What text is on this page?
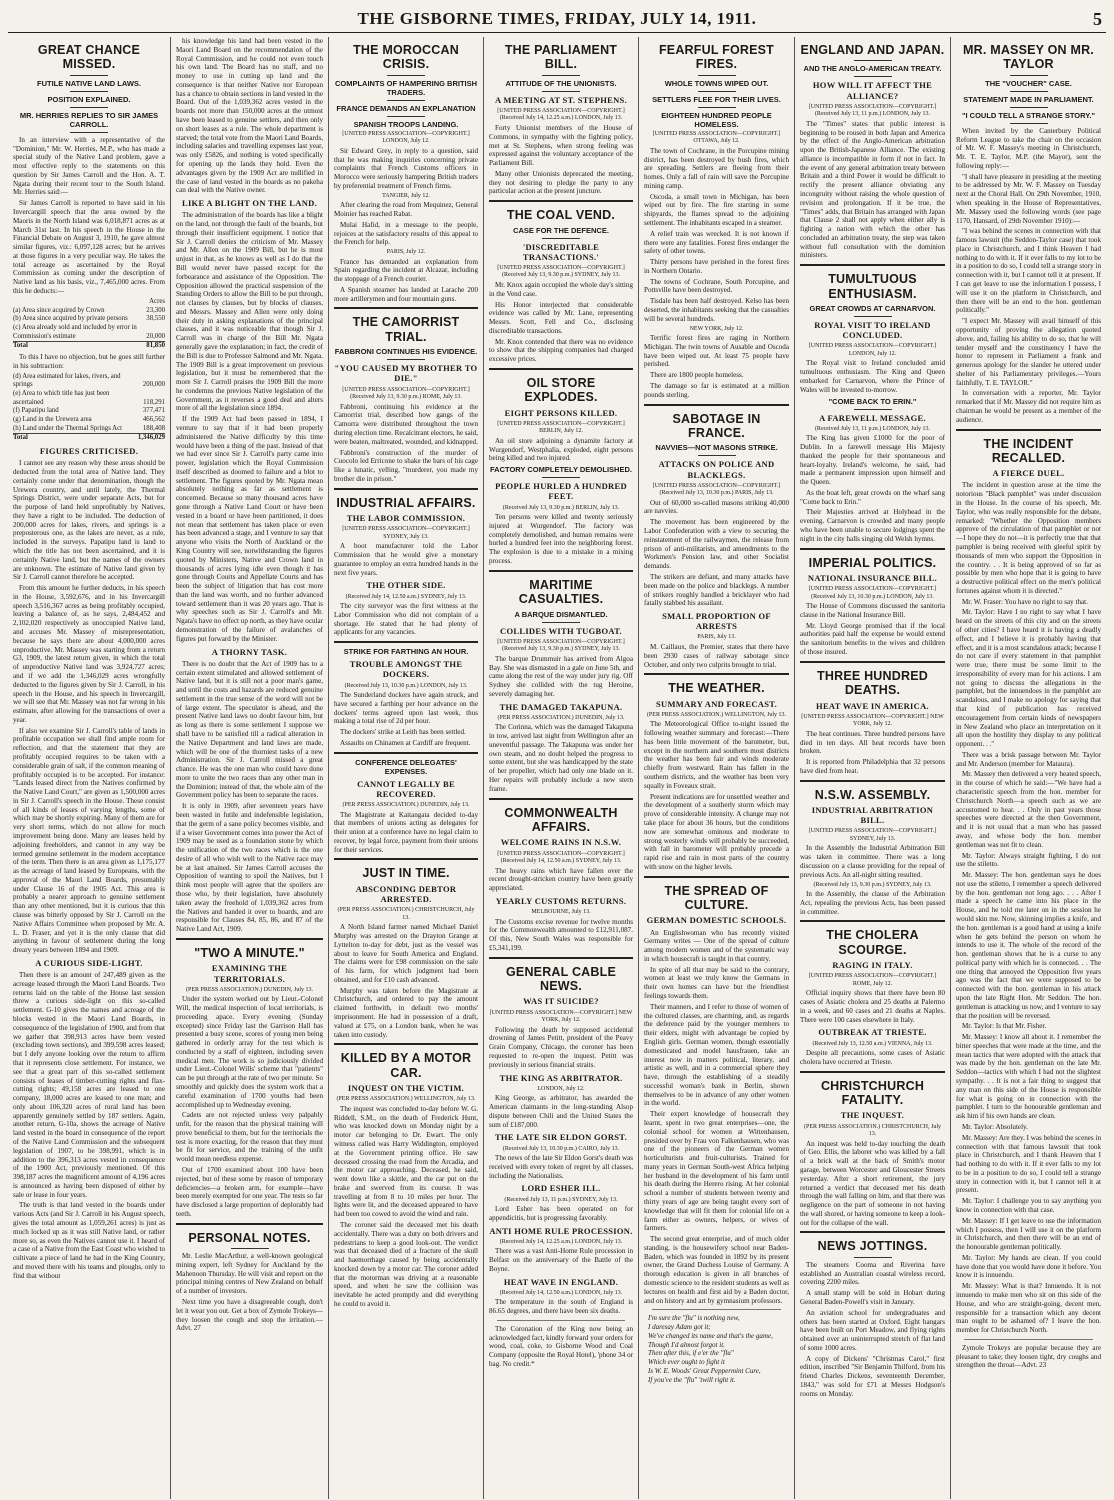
THE GISBORNE TIMES, FRIDAY, JULY 14, 1911.	5
GREAT CHANCE MISSED.
FUTILE NATIVE LAND LAWS.
POSITION EXPLAINED.
MR. HERRIES REPLIES TO SIR JAMES CARROLL.

In an interview with a representative of the "Dominion," Mr. W. Herries, M.P., who has made a special study of the Native Land problem, gave a most effective reply to the statements on this question by Sir James Carroll and the Hon. A. T. Ngata during their recent tour to the South Island. Mr. Herries said:—

Sir James Carroll is reported to have said in his Invercargill speech that the area owned by the Maoris in the North Island was 6,018,871 acres as at March 31st last. In his speech in the House in the Financial Debate on August 3, 1910, he gave almost similar figures, viz.: 6,097,128 acres; but he arrives at those figures in a very peculiar way. He takes the total acreage as ascertained by the Royal Commission as coming under the description of Native land as his basis, viz., 7,465,000 acres. From this he deducts:—

	Acres
(a) Area since acquired by Crown	23,300
(b) Area since acquired by private persons	38,550
(c) Area already sold and included by error in Commission's estimate	20,000
Total	81,850

To this I have no objection, but he goes still further in his subtraction:

(d) Area estimated for lakes, rivers, and springs	200,000
(e) Area to which title has just been ascertained	118,291
(f) Papatipu land	377,471
(g) Land in the Urewera area	466,562
(h) Land under the Thermal Springs Act	188,408
Total	1,346,029
FIGURES CRITICISED.

I cannot see any reason why these areas should be deducted from the total area of Native land. They certainly come under that denomination, though the Urewera country, and until lately, the Thermal Springs District, were under separate Acts, but for the purpose of land held unprofitably by Natives, they have a right to be included. The deduction of 200,000 acres for lakes, rivers, and springs is a preposterous one, as the lakes are never, as a rule, included in the surveys. Papatipu land is land to which the title has not been ascertained, and it is certainly Native land, but the names of the owners are unknown. The estimate of Native land given by Sir J. Carroll cannot therefore be accepted.

From this amount he further deducts, in his speech in the House, 3,592,676, and in his Invercargill speech 3,516,367 acres as being profitably occupied, leaving a balance of, as he says, 2,484,452 and 2,102,020 respectively as unoccupied Native land, and accuses Mr. Massey of misrepresentation, because he says there are about 4,000,000 acres unproductive. Mr. Massey was starting from a return G3, 1909, the latest return given, in which the total of unproductive Native land was 3,924,727 acres; and if we add the 1,346,029 acres wrongfully deducted to the figures given by Sir J. Carroll, in his speech in the House, and his speech in Invercargill, we will see that Mr. Massey was not far wrong in his estimate, after allowing for the transactions of over a year.

If also we examine Sir J. Carroll's table of lands in profitable occupation we shall find ample room for reflection, and that the statement that they are profitably occupied requires to be taken with a considerable grain of salt, if the common meaning of profitably occupied is to be accepted. For instance: "Lands leased direct from the Natives confirmed by the Native Land Court," are given as 1,500,000 acres in Sir J. Carroll's speech in the House. These consist of all kinds of leases of varying lengths, some of which may be shortly expiring. Many of them are for very short terms, which do not allow for much improvement being done. Many are leases held by adjoining freeholders, and cannot in any way be termed genuine settlement in the modern acceptance of the term. Then there is an area given as 1,175,177 as the acreage of land leased by Europeans, with the approval of the Maori Land Boards, presumably under Clause 16 of the 1905 Act. This area is probably a nearer approach to genuine settlement than any other mentioned, but it is curious that this clause was bitterly opposed by Sir J. Carroll on the Native Affairs Committee when proposed by Mr. A. L. D. Fraser, and yet it is the only clause that did anything in favour of settlement during the long dreary years between 1894 and 1909.

A CURIOUS SIDE-LIGHT.

Then there is an amount of 247,489 given as the acreage leased through the Maori Land Boards. Two returns laid on the table of the House last session threw a curious side-light on this so-called settlement. G-10 gives the names and acreage of the blocks vested in the Maori Land Boards, in consequence of the legislation of 1900, and from that we gather that 398,913 acres have been vested (excluding town sections), and 399,598 acres leased; but I defy anyone looking over the return to affirm that it represents close settlement. For instance, we see that a great part of this so-called settlement consists of leases of timber-cutting rights and flax-cutting rights; 49,158 acres are leased to one company, 18,000 acres are leased to one man; and only about 106,320 acres of rural land has been apparently genuinely settled by 187 settlers. Again, another return, G-10a, shows the acreage of Native land vested in the board in consequence of the report of the Native Land Commission and the subsequent legislation of 1907, to be 398,991, which is in addition to the 396,313 acres vested in consequence of the 1900 Act, previously mentioned. Of this 398,187 acres the magnificent amount of 4,196 acres is announced as having been disposed of either by sale or lease in four years.

The truth is that land vested in the boards under various Acts (and Sir J. Carroll in his August speech, gives the total amount as 1,059,261 acres) is just as much locked up as it was still Native land, or rather more so, as even the Natives cannot use it. I heard of a case of a Native from the East Coast who wished to cultivate a piece of land he had in the King Country, and moved there with his teams and ploughs, only to find that without

his knowledge his land had been vested in the Maori Land Board on the recommendation of the Royal Commission, and he could not even touch his own land. The Board has no staff, and no money to use in cutting up land and the consequence is that neither Native nor European has a chance to obtain sections in land vested in the Board. Out of the 1,039,362 acres vested in the boards not more than 150,000 acres at the utmost have been leased to genuine settlers, and then only on short leases as a rule. The whole department is starved; the total vote from the Maori Land Boards, including salaries and travelling expenses last year, was only £5826, and nothing is voted specifically for opening up the lands they hold. Even the advantages given by the 1909 Act are nullified in the case of land vested in the boards as no pakeha can deal with the Native owner.

LIKE A BLIGHT ON THE LAND.

The administration of the boards has like a blight on the land, not through the fault of the boards, but through their insufficient equipment. I notice that Sir J. Carroll denies the criticism of Mr. Massey and Mr. Allen on the 1909 Bill, but he is most unjust in that, as he knows as well as I do that the Bill would never have passed except for the forbearance and assistance of the Opposition. The Opposition allowed the practical suspension of the Standing Orders to allow the Bill to be put through, not clauses by clauses, but by blocks of clauses, and Messrs. Massey and Allen were only doing their duty in asking explanations of the principal clauses, and it was noticeable that though Sir J. Carroll was in charge of the Bill Mr. Ngata generally gave the explanation; in fact, the credit of the Bill is due to Professor Salmond and Mr. Ngata. The 1909 Bill is a great improvement on previous legislation, but it must be remembered that the more Sir J. Carroll praises the 1909 Bill the more he condemns the previous Native legislation of the Government, as it reverses a good deal and alters more of all the legislation since 1894.

If the 1909 Act had been passed in 1894, I venture to say that if it had been properly administered the Native difficulty by this time would have been a thing of the past. Instead of that we had ever since Sir J. Carroll's party came into power, legislation which the Royal Commission itself described as doomed to failure and a blot to settlement. The figures quoted by Mr. Ngata mean absolutely nothing as far as settlement is concerned. Because so many thousand acres have gone through a Native Land Court or have been vested in a board or have been partitioned, it does not mean that settlement has taken place or even has been advanced a stage, and I venture to say that anyone who visits the North of Auckland or the King Country will see, notwithstanding the figures quoted by Ministers, Native and Crown land in thousands of acres lying idle even though it has gone through Courts and Appellate Courts and has been the subject of litigation that has cost more than the land was worth, and no further advanced toward settlement than it was 20 years ago. That is why speeches such as Sir J. Carroll's and Mr. Ngata's have no effect up north, as they have ocular demonstration of the failure of avalanches of figures put forward by the Minister.

A THORNY TASK.

There is no doubt that the Act of 1909 has to a certain extent stimulated and allowed settlement of Native land, but it is still not a poor man's game, and until the costs and hazards are reduced genuine settlement in the true sense of the word will not be of large extent. The speculator is ahead, and the present Native land laws no doubt favour him, but as long as there is some settlement I suppose we shall have to be satisfied till a radical alteration in the Native Department and land laws are made, which will be one of the thorniest tasks of a new Administration. Sir J. Carroll missed a great chance. He was the one man who could have done more to unite the two races than any other man in the Dominion; instead of that, the whole aim of the Government policy has been to separate the races.

It is only in 1909, after seventeen years have been wasted in futile and indefensible legislation, that the germ of a sane policy becomes visible, and if a wiser Government comes into power the Act of 1909 may be used as a foundation stone by which the unification of the two races which is the one desire of all who wish well to the Native race may be at last attained. Sir James Carroll accuses the Opposition of wanting to spoil the Natives, but I think most people will agree that the spoilers are those who, by their legislation, have absolutely taken away the freehold of 1,039,362 acres from the Natives and handed it over to boards, and are responsible for Clauses 84, 85, 86, and 87 of the Native Land Act, 1909.

"TWO A MINUTE."
EXAMINING THE TERRITORIALS.
(PER PRESS ASSOCIATION.) DUNEDIN, July 13.

Under the system worked out by Lieut.-Colonel Will, the medical inspection of local territorials, is proceeding apace. Every evening (Sunday excepted) since Friday last the Garrison Hall has presented a busy scene, scores of young men being gathered in orderly array for the test which is conducted by a staff of eighteen, including seven medical men. The work is so judiciously divided under Lieut.-Colonel Wills' scheme that "patients" can be put through at the rate of two per minute. So smoothly and quickly does the system work that a careful examination of 1700 youths had been accomplished up to Wednesday evening.

Cadets are not rejected unless very palpably unfit, for the reason that the physical training will prove beneficial to them, but for the territorials the test is more exacting, for the reason that they must be fit for service, and the training of the unfit would mean needless expense.

Out of 1700 examined about 100 have been rejected, but of these some by reason of temporary deficiencies—a broken arm, for example—have been merely exempted for one year. The tests so far have disclosed a large proportion of deplorably bad teeth.

PERSONAL NOTES.

Mr. Leslie MacArthur, a well-known geological mining expert, left Sydney for Auckland by the Mahenoon Thursday. He will visit and report on the principal mining centres of New Zealand on behalf of a number of investors.

Next time you have a disagreeable cough, don't let it wear you out. Get a box of Zymole Trokeys—they loosen the cough and stop the irritation.—Advt. 27

THE MOROCCAN CRISIS.
COMPLAINTS OF HAMPERING BRITISH TRADERS.
FRANCE DEMANDS AN EXPLANATION
SPANISH TROOPS LANDING.
[UNITED PRESS ASSOCIATION—COPYRIGHT.] LONDON, July 12.

Sir Edward Grey, in reply to a question, said that he was making inquiries concerning private complaints that French Customs officers in Morocco were seriously hampering British traders by preferential treatment of French firms.

TANGIER, July 12.

After clearing the road from Mequinez, General Moinier has reached Rabat.

Mulai Hafid, in a message to the people, rejoices at the satisfactory results of this appeal to the French for help.

PARIS, July 12.

France has demanded an explanation from Spain regarding the incident at Alcazar, including the stoppage of a French courier.

A Spanish steamer has landed at Larache 200 more artillerymen and four mountain guns.

THE CAMORRIST TRIAL.
FABBRONI CONTINUES HIS EVIDENCE.
"YOU CAUSED MY BROTHER TO DIE."
[UNITED PRESS ASSOCIATION—COPYRIGHT.] (Received July 13, 9.30 p.m.) ROME, July 13.

Fabbroni, continuing his evidence at the Camorrist trial, described how gangs of the Camorra were distributed throughout the town during election time. Recalcitrant electors, he said, were beaten, maltreated, wounded, and kidnapped.

Fabbroni's construction of the murder of Cuocolo led Erricone to shake the bars of his cage like a lunatic, yelling, "murderer, you made my brother die in prison."

INDUSTRIAL AFFAIRS.
THE LABOR COMMISSION.
[UNITED PRESS ASSOCIATION—COPYRIGHT.] SYDNEY, July 13.

A boot manufacturer told the Labor Commission that he would give a monetary guarantee to employ an extra hundred hands in the next five years.

THE OTHER SIDE.
(Received July 14, 12.50 a.m.) SYDNEY, July 13.

The city surveyor was the first witness at the Labor Commission who did not complain of a shortage. He stated that he had plenty of applicants for any vacancies.

STRIKE FOR FARTHING AN HOUR.
TROUBLE AMONGST THE DOCKERS.
(Received July 13, 10.30 p.m.) LONDON, July 13.

The Sunderland dockers have again struck, and have secured a farthing per hour advance on the dockers' terms agreed upon last week, thus making a total rise of 2d per hour.

The dockers' strike at Leith has been settled.

Assaults on Chinamen at Cardiff are frequent.

CONFERENCE DELEGATES' EXPENSES.
CANNOT LEGALLY BE RECOVERED.
(PER PRESS ASSOCIATION.) DUNEDIN, July 13.

The Magistrate at Kaitangata decided to-day that members of unions acting as delegates for their union at a conference have no legal claim to recover, by legal force, payment from their unions for their services.

JUST IN TIME.
ABSCONDING DEBTOR ARRESTED.
(PER PRESS ASSOCIATION.) CHRISTCHURCH, July 13.

A North Island farmer named Michael Daniel Murphy was arrested on the Drayton Grange at Lyttelton to-day for debt, just as the vessel was about to leave for South America and England. The claims were for £98 commission on the sale of his farm, for which judgment had been obtained, and for £10 cash advanced.

Murphy was taken before the Magistrate at Christchurch, and ordered to pay the amount claimed forthwith, in default two months' imprisonment. He had in possession of a draft, valued at £75, on a London bank, when he was taken into custody.

KILLED BY A MOTOR CAR.
INQUEST ON THE VICTIM.
(PER PRESS ASSOCIATION.) WELLINGTON, July 13.

The inquest was concluded to-day before W. G. Riddell, S.M., on the death of Frederick Hunt, who was knocked down on Monday night by a motor car belonging to Dr. Ewart. The only witness called was Harry Widdington, employed at the Government printing office. He saw deceased crossing the road from the Arcadia, and the motor car approaching. Deceased, he said, went down like a skittle, and the car put on the brake and swerved from its course. It was travelling at from 8 to 10 miles per hour. The lights were lit, and the deceased appeared to have had been too cowed to avoid the wind and rain.

The coroner said the deceased met his death accidentally. There was a duty on both drivers and pedestrians to keep a good look-out. The verdict was that deceased died of a fracture of the skull and haemorrhage caused by being accidentally knocked down by a motor car. The coroner added that the motorman was driving at a reasonable speed, and when he saw the collision was inevitable he acted promptly and did everything he could to avoid it.

THE PARLIAMENT BILL.
ATTITUDE OF THE UNIONISTS.
A MEETING AT ST. STEPHENS.
[UNITED PRESS ASSOCIATION—COPYRIGHT.] (Received July 14, 12.25 a.m.) LONDON, July 13.

Forty Unionist members of the House of Commons, in sympathy with the fighting policy, met at St. Stephens, when strong feeling was expressed against the voluntary acceptance of the Parliament Bill.

Many other Unionists deprecated the meeting, they not desiring to pledge the party to any particular action at the present juncture.

THE COAL VEND.
CASE FOR THE DEFENCE.
'DISCREDITABLE TRANSACTIONS.'
[UNITED PRESS ASSOCIATION—COPYRIGHT.] (Received July 13, 9.30 p.m.) SYDNEY, July 13.

Mr. Knox again occupied the whole day's sitting in the Vend case.

His Honor interjected that considerable evidence was called by Mr. Lane, representing Messrs. Scott, Fell and Co., disclosing discreditable transactions.

Mr. Knox contended that there was no evidence to show that the shipping companies had charged excessive prices.

OIL STORE EXPLODES.
EIGHT PERSONS KILLED.
[UNITED PRESS ASSOCIATION—COPYRIGHT.] BERLIN, July 12.

An oil store adjoining a dynamite factory at Wurgendorf, Westphalia, exploded, eight persons being killed and two injured.

FACTORY COMPLETELY DEMOLISHED.
PEOPLE HURLED A HUNDRED FEET.
(Received July 13, 9.30 p.m.) BERLIN, July 13.

Ten persons were killed and twenty seriously injured at Wurgendorf. The factory was completely demolished, and human remains were hurled a hundred feet into the neighboring forest. The explosion is due to a mistake in a mixing process.

MARITIME CASUALTIES.
A BARQUE DISMANTLED.
COLLIDES WITH TUGBOAT.
[UNITED PRESS ASSOCIATION—COPYRIGHT.] (Received July 13, 9.30 p.m.) SYDNEY, July 13.

The barque Drummuir has arrived from Algoa Bay. She was dismasted in a gale on June 5th, and came along the rest of the way under jury rig. Off Sydney she collided with the tug Heroine, severely damaging her.

THE DAMAGED TAKAPUNA.
(PER PRESS ASSOCIATION.) DUNEDIN, July 13.

The Corinna, which was the damaged Takapuna in tow, arrived last night from Wellington after an uneventful passage. The Takapuna was under her own steam, and no doubt helped the progress to some extent, but she was handicapped by the state of her propeller, which had only one blade on it. Her repairs will probably include a new stern frame.

COMMONWEALTH AFFAIRS.
WELCOME RAINS IN N.S.W.
[UNITED PRESS ASSOCIATION—COPYRIGHT.] (Received July 14, 12.50 a.m.) SYDNEY, July 13.

The heavy rains which have fallen over the recent drought-stricken country have been greatly appreciated.

YEARLY CUSTOMS RETURNS.
MELBOURNE, July 13.

The Customs excise revenue for twelve months for the Commonwealth amounted to £12,911,087. Of this, New South Wales was responsible for £5,341,199.

GENERAL CABLE NEWS.
WAS IT SUICIDE?
[UNITED PRESS ASSOCIATION—COPYRIGHT.] NEW YORK, July 12.

Following the death by supposed accidental drowning of James Petitt, president of the Peavy Grain Company, Chicago, the coroner has been requested to re-open the inquest. Petitt was previously in serious financial straits.

THE KING AS ARBITRATOR.
LONDON, July 12.

King George, as arbitrator, has awarded the American claimants in the long-standing Alsop dispute between Chili and the United States the sum of £187,000.

THE LATE SIR ELDON GORST.
(Received July 13, 10.30 p.m.) CAIRO, July 13.

The news of the late Sir Eldon Gorst's death was received with every token of regret by all classes, including the Nationalists.

LORD ESHER ILL.
(Received July 13, 11 p.m.) SYDNEY, July 13.

Lord Esher has been operated on for appendicitis, but is progressing favorably.

ANTI HOME RULE PROCESSION.
(Received July 14, 12.25 a.m.) LONDON, July 13.

There was a vast Anti-Home Rule procession in Belfast on the anniversary of the Battle of the Boyne.

HEAT WAVE IN ENGLAND.
(Received July 14, 12.50 a.m.) LONDON, July 13.

The temperature in the south of England is 86.65 degrees, and there have been six deaths.

The Coronation of the King now being an acknowledged fact, kindly forward your orders for wood, coal, coke, to Gisborne Wood and Coal Company (opposite the Royal Hotel), 'phone 34 or bag. No credit.*

FEARFUL FOREST FIRES.
WHOLE TOWNS WIPED OUT.
SETTLERS FLEE FOR THEIR LIVES.
EIGHTEEN HUNDRED PEOPLE HOMELESS.
[UNITED PRESS ASSOCIATION—COPYRIGHT.] OTTAWA, July 12.

The town of Cochrane, in the Porcupine mining district, has been destroyed by bush fires, which are spreading. Settlers are fleeing from their homes. Only a fall of rain will save the Porcupine mining camp.

Oscoda, a small town in Michigan, has been wiped out by fire. The fire starting in some shipyards, the flames spread to the adjoining settlement. The inhabitants escaped in a steamer.

A relief train was wrecked. It is not known if there were any fatalities. Forest fires endanger the safety of other towns.

Thirty persons have perished in the forest fires in Northern Ontario.

The towns of Cochrane, South Porcupine, and Pottsville have been destroyed.

Tisdale has been half destroyed. Kelso has been deserted, the inhabitants seeking that the casualties will be several hundreds.

NEW YORK, July 12.

Terrific forest fires are raging in Northern Michigan. The twin towns of Ausable and Oscoda have been wiped out. At least 75 people have perished.

There are 1800 people homeless.

The damage so far is estimated at a million pounds sterling.

SABOTAGE IN FRANCE.
NAVVIES—NOT MASONS STRIKE.
ATTACKS ON POLICE AND BLACKLEGS.
[UNITED PRESS ASSOCIATION—COPYRIGHT.] (Received July 13, 10.30 p.m.) PARIS, July 13.

Out of 60,000 so-called masons striking 40,000 are navvies.

The movement has been engineered by the Labor Confederation with a view to securing the reinstatement of the railwaymen, the release from prison of anti-militarists, and amendments to the Workmen's Pension law, and other Socialist demands.

The strikers are defiant, and many attacks have been made on the police and blacklegs. A number of strikers roughly handled a bricklayer who had fatally stabbed his assailant.

SMALL PROPORTION OF ARRESTS
PARIS, July 13.

M. Caillaux, the Premier, states that there have been 2930 cases of railway sabotage since October, and only two culprits brought to trial.

THE WEATHER.
SUMMARY AND FORECAST.
(PER PRESS ASSOCIATION.) WELLINGTON, July 13.

The Meteorological Office to-night issued the following weather summary and forecast:—There has been little movement of the barometer, but, except in the northern and southern most districts the weather has been fair and winds moderate chiefly from westward. Rain has fallen in the southern districts, and the weather has been very squally in Foveaux strait.

Present indications are for unsettled weather and the development of a southerly storm which may prove of considerable intensity. A change may not take place for about 36 hours, but the conditions now are somewhat ominous and moderate to strong westerly winds will probably be succeeded, with fall in barometer will probably precede a rapid rise and rain in most parts of the country with snow on the higher levels.

THE SPREAD OF CULTURE.
GERMAN DOMESTIC SCHOOLS.

An Englishwoman who has recently visited Germany writes — One of the spread of culture among modern women and of the systematic way in which housecraft is taught in that country.

In spite of all that may be said to the contrary, women at least we truly know the Germans in their own homes can have but the friendliest feelings towards them.

Their manners, and I refer to those of women of the cultured classes, are charming, and, as regards the deference paid by the younger members to their elders, might with advantage be copied by English girls. German women, though essentially domesticated and model hausfrauen, take an interest now in matters political, literary, and artistic as well, and in a commercial sphere they have, through the establishing of a steadily successful woman's bank in Berlin, shown themselves to be in advance of any other women in the world.

Their expert knowledge of housecraft they learnt, spent in two great enterprises—one, the colonial school for women at Wittenhausen, presided over by Frau von Falkenhausen, who was one of the pioneers of the German women horticulturists and fruit-culturists. Trained for many years in German South-west Africa helping her husband in the development of his farm until his death during the Herero rising. At her colonial school a number of students between twenty and thirty years of age are being taught every sort of knowledge that will fit them for colonial life on a farm either as owners, helpers, or wives of farmers.

The second great enterprise, and of much older standing, is the housewifery school near Baden-Baden, which was founded in 1892 by its present owner, the Grand Duchess Louise of Germany. A thorough education is given in all branches of domestic science to the resident students as well as lectures on health and first aid by a Baden doctor, and on history and art by gymnasium professors.

I'm sure the "flu" is nothing new,
I daresay Adam got it;
We've changed its name and that's the game,
Though I'd almost forgot it.
Then after this, if e'er the "flu"
Which ever ought to fight it
Is W. E. Woods' Great Peppermint Cure,
If you've the "flu" 'twill right it.
ENGLAND AND JAPAN.
AND THE ANGLO-AMERICAN TREATY.
HOW WILL IT AFFECT THE ALLIANCE?
[UNITED PRESS ASSOCIATION—COPYRIGHT.] (Received July 13, 11 p.m.) LONDON, July 13.

The "Times" states that public interest is beginning to be roused in both Japan and America by the effect of the Anglo-American arbitration upon the British-Japanese Alliance. The existing alliance is incompatible in form if not in fact. In the event of any general arbitration treaty between Britain and a third Power it would be difficult to rectify the present alliance obviating any incongruity without raising the whole question of revision and prolongation. If it be true, the "Times" adds, that Britain has arranged with Japan that Clause 2 shall not apply when either ally is fighting a nation with which the other has concluded an arbitration treaty, the step was taken without full consultation with the dominion ministers.

TUMULTUOUS ENTHUSIASM.
GREAT CROWDS AT CARNARVON.
ROYAL VISIT TO IRELAND CONCLUDED.
[UNITED PRESS ASSOCIATION—COPYRIGHT.] LONDON, July 12.

The Royal visit to Ireland concluded amid tumultuous enthusiasm. The King and Queen embarked for Carnarvon, where the Prince of Wales will be invested to-morrow.

"COME BACK TO ERIN."
A FAREWELL MESSAGE.
(Received July 13, 11 p.m.) LONDON, July 13.

The King has given £1000 for the poor of Dublin. In a farewell message His Majesty thanked the people for their spontaneous and heart-loyalty. Ireland's welcome, he said, had made a permanent impression upon himself and the Queen.

As the boat left, great crowds on the wharf sang "Come back to Erin."

Their Majesties arrived at Holyhead in the evening. Carnarvon is crowded and many people who have been unable to secure lodgings spent the night in the city halls singing old Welsh hymns.

IMPERIAL POLITICS.
NATIONAL INSURANCE BILL.
[UNITED PRESS ASSOCIATION—COPYRIGHT.] (Received July 13, 10.30 p.m.) LONDON, July 13.

The House of Commons discussed the sanitoria clause in the National Insurance Bill.

Mr. Lloyd George promised that if the local authorities paid half the expense he would extend the sanitorium benefits to the wives and children of those insured.

THREE HUNDRED DEATHS.
HEAT WAVE IN AMERICA.
[UNITED PRESS ASSOCIATION—COPYRIGHT.] NEW YORK, July 12.

The heat continues. Three hundred persons have died in ten days. All heat records have been broken.

It is reported from Philadelphia that 32 persons have died from heat.

N.S.W. ASSEMBLY.
INDUSTRIAL ARBITRATION BILL.
[UNITED PRESS ASSOCIATION—COPYRIGHT.] SYDNEY, July 13.

In the Assembly the Industrial Arbitration Bill was taken in committee. There was a long discussion on a clause providing for the repeal of previous Acts. An all-night sitting resulted.

(Received July 13, 9.30 p.m.) SYDNEY, July 13.

In the Assembly, the clause of the Arbitration Act, repealing the previous Acts, has been passed in committee.

THE CHOLERA SCOURGE.
RAGING IN ITALY.
[UNITED PRESS ASSOCIATION—COPYRIGHT.] ROME, July 12.

Official inquiry shows that there have been 80 cases of Asiatic cholera and 25 deaths at Palermo in a week, and 60 cases and 21 deaths at Naples. There were 100 cases elsewhere in Italy.

OUTBREAK AT TRIESTE.
(Received July 13, 12.50 a.m.) VIENNA, July 13.

Despite all precautions, some cases of Asiatic cholera have occurred at Trieste.

CHRISTCHURCH FATALITY.
THE INQUEST.
(PER PRESS ASSOCIATION.) CHRISTCHURCH, July 13.

An inquest was held to-day touching the death of Geo. Ellis, the laborer who was killed by a fall of a brick wall at the back of Smith's motor garage, between Worcester and Gloucester Streets yesterday. After a short retirement, the jury returned a verdict that deceased met his death through the wall falling on him, and that there was negligence on the part of someone in not having the wall shored, or having someone to keep a look-out for the collapse of the wall.

NEWS JOTTINGS.

The steamers Cooma and Riverina have established an Australian coastal wireless record, covering 2200 miles.

A small stamp will be sold in Hobart during General Baden-Powell's visit in January.

An aviation school for undergraduates and others has been started at Oxford. Eight hangars have been built on Port Meadow, and flying rights obtained over an uninterrupted stretch of flat land of some 1000 acres.

A copy of Dickens' "Christmas Carol," first edition, inscribed "Sir Benjamin Thilford, from his friend Charles Dickens, seventeenth December, 1843," was sold for £71 at Messrs Hodgson's rooms on Monday.

MR. MASSEY ON MR. TAYLOR
THE "VOUCHER" CASE.
STATEMENT MADE IN PARLIAMENT.
"I COULD TELL A STRANGE STORY."

When invited by the Canterbury Political Reform League to take the chair on the occasion of Mr. W. F. Massey's meeting in Christchurch, Mr. T. E. Taylor, M.P. (the Mayor), sent the following reply:—

"I shall have pleasure in presiding at the meeting to be addressed by Mr. W. F. Massey on Tuesday next at the Choral Hall. On 29th November, 1910, when speaking in the House of Representatives, Mr. Massey used the following words (see page 1170, Hansard, of 29th November 1910):—

"I was behind the scenes in connection with that famous lawsuit (the Seddon-Taylor case) that took place in Christchurch, and I think Heaven I had nothing to do with it. If it ever falls to my lot to be in a position to do so, I could tell a strange story in connection with it, but I cannot tell it at present. If I can get leave to use the information I possess, I will use it on the platform in Christchurch, and then there will be an end to the hon. gentleman politically."

"I expect Mr. Massey will avail himself of this opportunity of proving the allegation quoted above, and, failing his ability to do so, that he will tender myself and the constituency I have the honor to represent in Parliament a frank and generous apology for the slander he uttered under shelter of his Parliamentary privileges.—Yours faithfully, T. E. TAYLOR."

In conversation with a reporter, Mr. Taylor remarked that if Mr. Massey did not require him as chairman he would be present as a member of the audience.

THE INCIDENT RECALLED.
A FIERCE DUEL.

The incident in question arose at the time the notorious "Black pamphlet" was under discussion in the House. In the course of his speech, Mr. Taylor, who was really responsible for the debate, remarked: "Whether the Opposition members approve of the circulation of that pamphlet or not—I hope they do not—it is perfectly true that that pamphlet is being received with gleeful spirit by thousands of men who support the Opposition in the country. . . It is being approved of so far as possible by men who hope that it is going to have a destructive political effect on the men's political fortunes against whom it is directed."

Mr. W. Fraser: You have no right to say that.

Mr. Taylor: Have I no right to say what I have heard on the streets of this city and on the streets of other cities? I have heard it is having a deadly effect, and I believe it is probably having that effect, and it is a most scandalous attack; because I do not care if every statement in that pamphlet were true, there must be some limit to the irresponsibility of every man for his actions. I am not going to discuss the allegations in the pamphlet, but the innuendoes in the pamphlet are scandalous, and I make no apology for saying that that kind of publication has received encouragement from certain kinds of newspapers in New Zealand who place an interpretation on it all upon the hostility they display to any political opponent. . ."

There was a brisk passage between Mr. Taylor and Mr. Anderson (member for Mataura).

Mr. Massey then delivered a very heated speech, in the course of which he said:—"We have had a characteristic speech from the hon. member for Christchurch North—a speech such as we are accustomed to hear. . . Only in past years those speeches were directed at the then Government, and it is not usual that a man who has passed away, and whose body the hon. member gentleman was not fit to clean.

Mr. Taylor: Always straight fighting, I do not use the stiletto.

Mr. Massey: The hon. gentleman says he does not use the stiletto, I remember a speech delivered by the hon. gentleman not long ago. . . . After I made a speech he came into his place in the House, and he told me later on in the session he would skin me. Now, skinning implies a knife, and the hon. gentleman is a good hand at using a knife when he gets behind the person on whom he intends to use it. The whole of the record of the hon. gentleman shows that he is a curse to any political party with which he is connected. . . The one thing that annoyed the Opposition five years ago was the fact that we were supposed to be connected with the hon. gentleman in his attack upon the late Right Hon. Mr Seddon. The hon. gentleman is attacking us now, and I venture to say that the position will be reversed.

Mr. Taylor: Is that Mr. Fisher.

Mr. Massey: I know all about it. I remember the bitter speeches that were made at the time, and the mean tactics that were adopted with the attack that was made by the hon. gentleman on the late Mr. Seddon—tactics with which I had not the slightest sympathy. . . It is not a fair thing to suggest that any man on this side of the House is responsible for what is going on in connection with the pamphlet. I turn to the honourable gentleman and ask him if his own hands are clean.

Mr. Taylor: Absolutely.

Mr. Massey: Are they. I was behind the scenes in connection with that famous lawsuit that took place in Christchurch, and I thank Heaven that I had nothing to do with it. If it ever falls to my lot to be in a position to do so, I could tell a strange story in connection with it, but I cannot tell it at present.

Mr. Taylor: I challenge you to say anything you know in connection with that case.

Mr. Massey: If I get leave to use the information which I possess, then I will use it on the platform in Christchurch, and then there will be an end of the honourable gentleman politically.

Mr. Taylor: My hands are clean. If you could have done that you would have done it before. You know it is innuendo.

Mr. Massey: What is that? Innuendo. It is not innuendo to make men who sit on this side of the House, and who are straight-going, decent men, responsible for a transaction which any decent man ought to be ashamed of? I leave the hon. member for Christchurch North.

Zymole Trokeys are popular because they are pleasant to take; they loosen tight, dry coughs and strengthen the throat—Advt. 23
